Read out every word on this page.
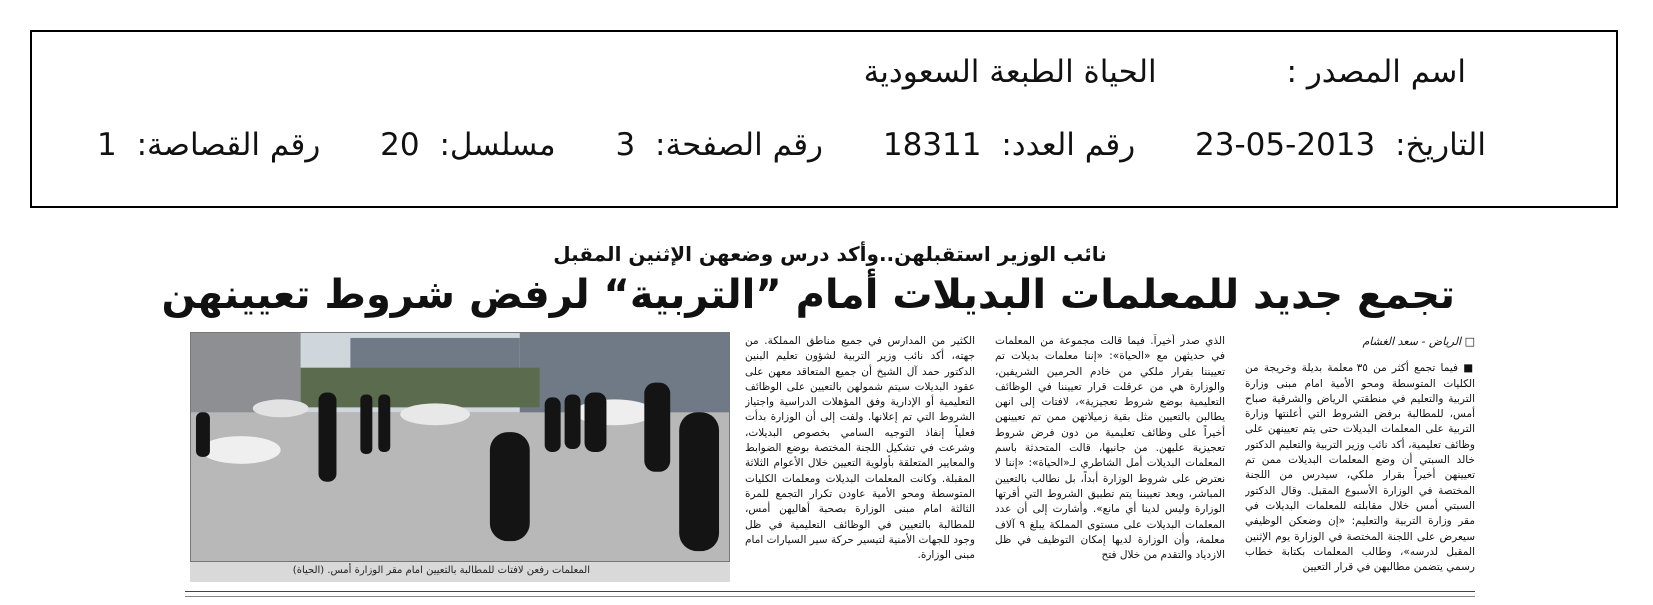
اسم المصدر : الحياة الطبعة السعودية
التاريخ: 2013-05-23 رقم العدد: 18311 رقم الصفحة: 3 مسلسل: 20 رقم القصاصة: 1
نائب الوزير استقبلهن..وأكد درس وضعهن الإثنين المقبل
تجمع جديد للمعلمات البديلات أمام ”التربية“ لرفض شروط تعيينهن
□ الرياض - سعد الغشام

■ فيما تجمع أكثر من ٣٥ معلمة بديلة وخريجة من الكليات المتوسطة ومحو الأمية امام مبنى وزارة التربية والتعليم في منطقتي الرياض والشرقية صباح أمس، للمطالبة برفض الشروط التي أعلنتها وزارة التربية على المعلمات البديلات حتى يتم تعيينهن على وظائف تعليمية، أكد نائب وزير التربية والتعليم الدكتور خالد السبتي أن وضع المعلمات البديلات ممن تم تعيينهن أخيراً بقرار ملكي، سيدرس من اللجنة المختصة في الوزارة الأسبوع المقبل. وقال الدكتور السبتي أمس خلال مقابلته للمعلمات البديلات في مقر وزارة التربية والتعليم: «إن وضعكن الوظيفي سيعرض على اللجنة المختصة في الوزارة يوم الإثنين المقبل لدرسه»، وطالب المعلمات بكتابة خطاب رسمي يتضمن مطالبهن في قرار التعيين

الذي صدر أخيراً. فيما قالت مجموعة من المعلمات في حديثهن مع «الحياة»: «إننا معلمات بديلات تم تعييننا بقرار ملكي من خادم الحرمين الشريفين، والوزارة هي من عرقلت قرار تعييننا في الوظائف التعليمية بوضع شروط تعجيزية»، لافتات إلى انهن يطالبن بالتعيين مثل بقية زميلاتهن ممن تم تعيينهن أخيراً على وظائف تعليمية من دون فرض شروط تعجيزية عليهن. من جانبها، قالت المتحدثة باسم المعلمات البديلات أمل الشاطري لـ«الحياة»: «إننا لا نعترض على شروط الوزارة أبداً، بل نطالب بالتعيين المباشر، وبعد تعييننا يتم تطبيق الشروط التي أقرتها الوزارة وليس لدينا أي مانع». وأشارت إلى أن عدد المعلمات البديلات على مستوى المملكة يبلغ ٩ آلاف معلمة، وأن الوزارة لديها إمكان التوظيف في ظل الازدياد والتقدم من خلال فتح

الكثير من المدارس في جميع مناطق المملكة. من جهته، أكد نائب وزير التربية لشؤون تعليم البنين الدكتور حمد آل الشيخ أن جميع المتعاقد معهن على عقود البديلات سيتم شمولهن بالتعيين على الوظائف التعليمية أو الإدارية وفق المؤهلات الدراسية واجتياز الشروط التي تم إعلانها. ولفت إلى أن الوزارة بدأت فعلياً إنفاذ التوجيه السامي بخصوص البديلات، وشرعت في تشكيل اللجنة المختصة بوضع الضوابط والمعايير المتعلقة بأولوية التعيين خلال الأعوام الثلاثة المقبلة. وكانت المعلمات البديلات ومعلمات الكليات المتوسطة ومحو الأمية عاودن تكرار التجمع للمرة الثالثة امام مبنى الوزارة بصحبة أهاليهن أمس، للمطالبة بالتعيين في الوظائف التعليمية في ظل وجود للجهات الأمنية لتيسير حركة سير السيارات امام مبنى الوزارة.

المعلمات رفعن لافتات للمطالبة بالتعيين امام مقر الوزارة أمس. (الحياة)
